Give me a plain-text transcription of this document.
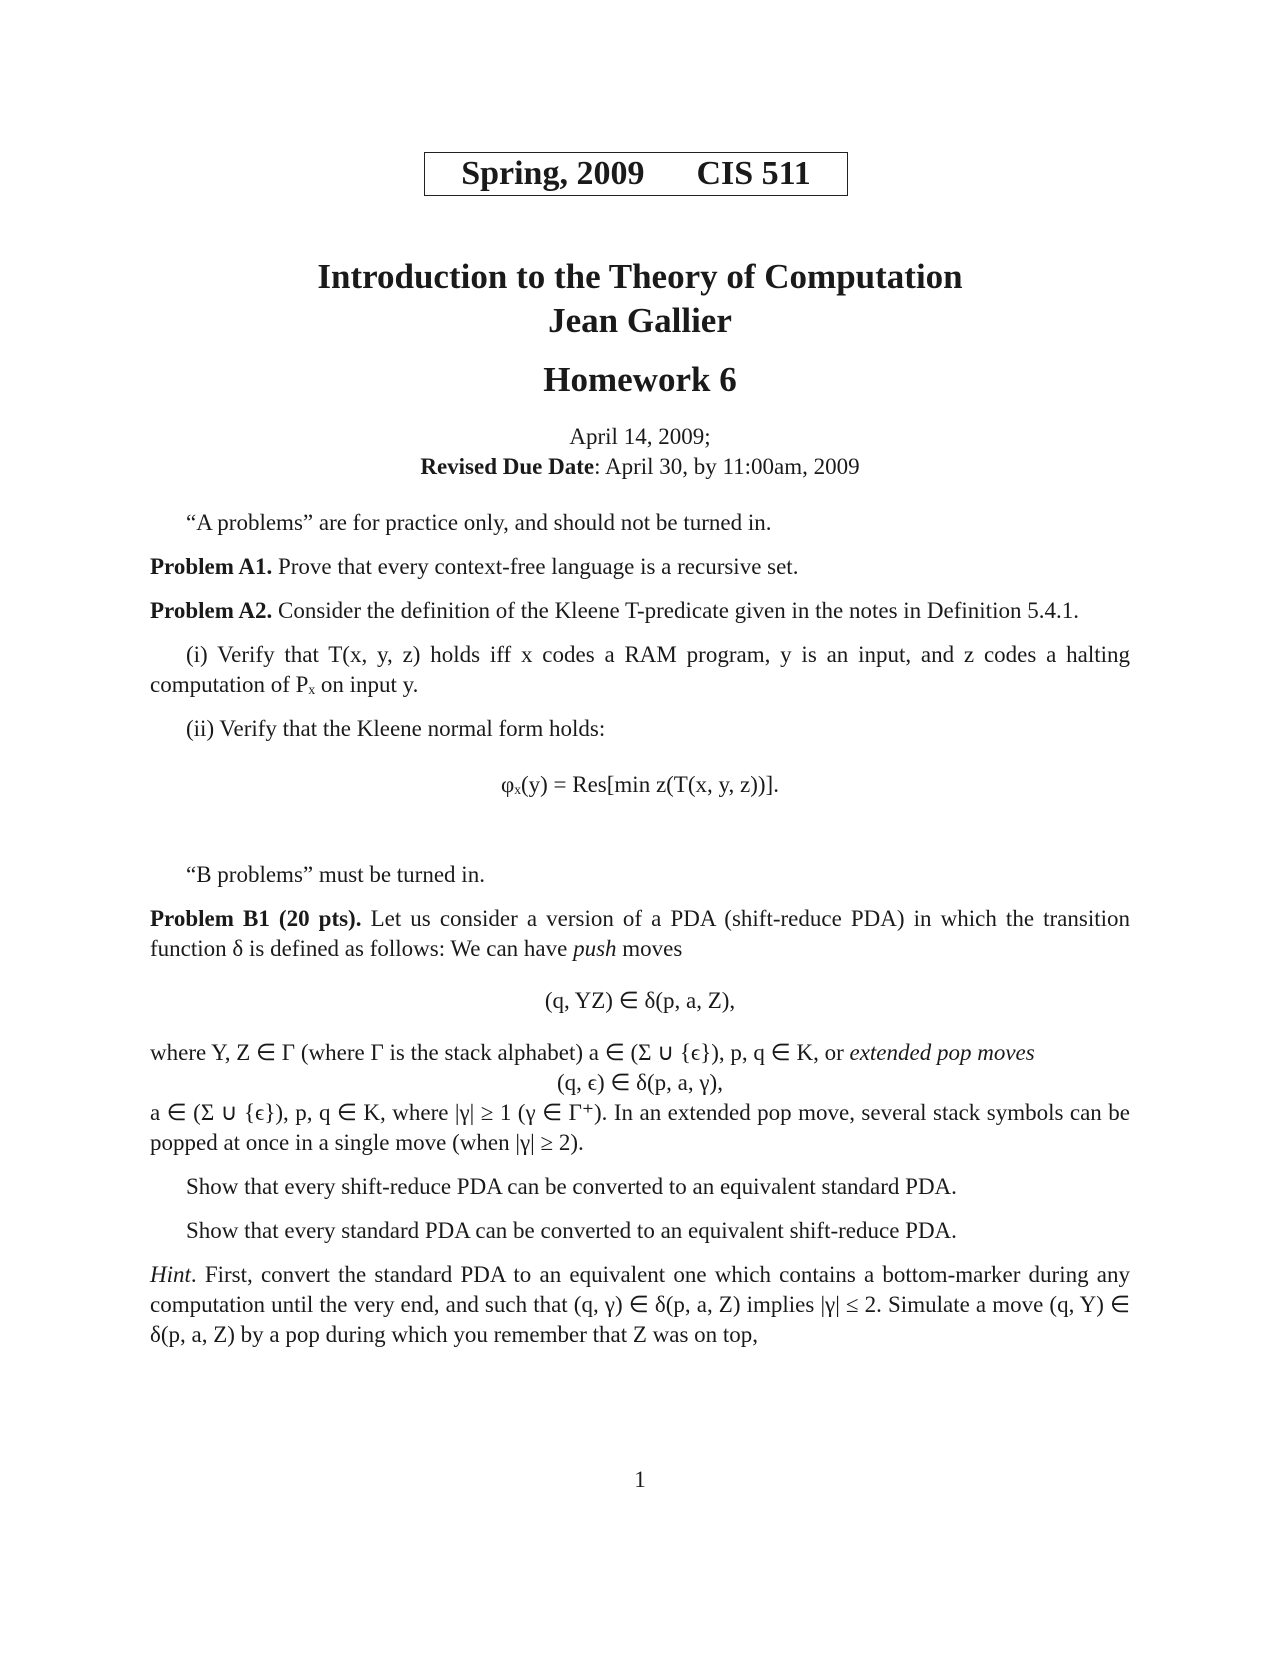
Spring, 2009 CIS 511
Introduction to the Theory of Computation
Jean Gallier
Homework 6
April 14, 2009;
Revised Due Date: April 30, by 11:00am, 2009

“A problems” are for practice only, and should not be turned in.

Problem A1. Prove that every context-free language is a recursive set.

Problem A2. Consider the definition of the Kleene T-predicate given in the notes in Definition 5.4.1.

(i) Verify that T(x, y, z) holds iff x codes a RAM program, y is an input, and z codes a halting computation of Pₓ on input y.

(ii) Verify that the Kleene normal form holds:

φₓ(y) = Res[min z(T(x, y, z))].

“B problems” must be turned in.

Problem B1 (20 pts). Let us consider a version of a PDA (shift-reduce PDA) in which the transition function δ is defined as follows: We can have push moves

(q, YZ) ∈ δ(p, a, Z),

where Y, Z ∈ Γ (where Γ is the stack alphabet) a ∈ (Σ ∪ {ϵ}), p, q ∈ K, or extended pop moves

(q, ϵ) ∈ δ(p, a, γ),

a ∈ (Σ ∪ {ϵ}), p, q ∈ K, where |γ| ≥ 1 (γ ∈ Γ⁺). In an extended pop move, several stack symbols can be popped at once in a single move (when |γ| ≥ 2).

Show that every shift-reduce PDA can be converted to an equivalent standard PDA.

Show that every standard PDA can be converted to an equivalent shift-reduce PDA.

Hint. First, convert the standard PDA to an equivalent one which contains a bottom-marker during any computation until the very end, and such that (q, γ) ∈ δ(p, a, Z) implies |γ| ≤ 2. Simulate a move (q, Y) ∈ δ(p, a, Z) by a pop during which you remember that Z was on top,

1
